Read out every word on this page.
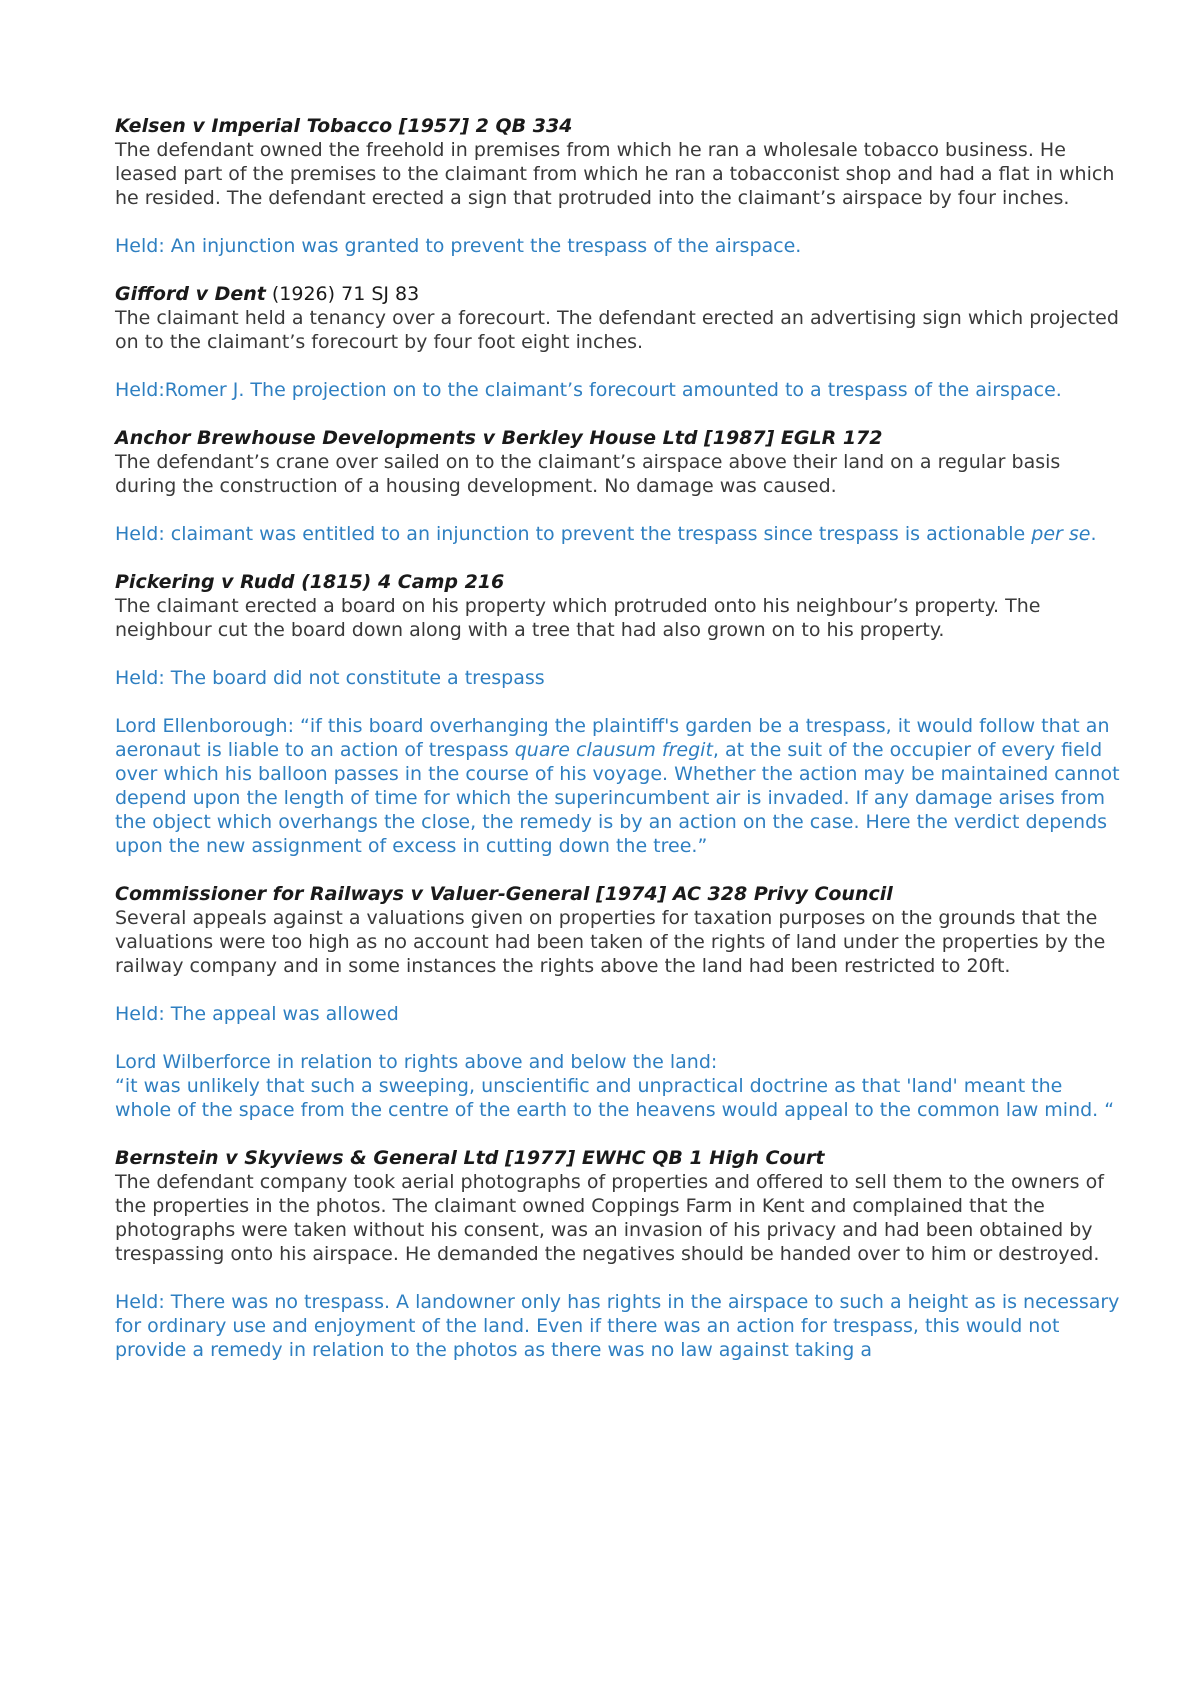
Kelsen v Imperial Tobacco [1957] 2 QB 334

The defendant owned the freehold in premises from which he ran a wholesale tobacco business. He leased part of the premises to the claimant from which he ran a tobacconist shop and had a flat in which he resided. The defendant erected a sign that protruded into the claimant’s airspace by four inches.

Held: An injunction was granted to prevent the trespass of the airspace.

Gifford v Dent (1926) 71 SJ 83

The claimant held a tenancy over a forecourt. The defendant erected an advertising sign which projected on to the claimant’s forecourt by four foot eight inches.

Held:Romer J. The projection on to the claimant’s forecourt amounted to a trespass of the airspace.

Anchor Brewhouse Developments v Berkley House Ltd [1987] EGLR 172

The defendant’s crane over sailed on to the claimant’s airspace above their land on a regular basis during the construction of a housing development. No damage was caused.

Held: claimant was entitled to an injunction to prevent the trespass since trespass is actionable per se.

Pickering v Rudd (1815) 4 Camp 216

The claimant erected a board on his property which protruded onto his neighbour’s property. The neighbour cut the board down along with a tree that had also grown on to his property.

Held: The board did not constitute a trespass

Lord Ellenborough: “if this board overhanging the plaintiff's garden be a trespass, it would follow that an aeronaut is liable to an action of trespass quare clausum fregit, at the suit of the occupier of every field over which his balloon passes in the course of his voyage. Whether the action may be maintained cannot depend upon the length of time for which the superincumbent air is invaded. If any damage arises from the object which overhangs the close, the remedy is by an action on the case. Here the verdict depends upon the new assignment of excess in cutting down the tree.”

Commissioner for Railways v Valuer-General [1974] AC 328 Privy Council

Several appeals against a valuations given on properties for taxation purposes on the grounds that the valuations were too high as no account had been taken of the rights of land under the properties by the railway company and in some instances the rights above the land had been restricted to 20ft.

Held: The appeal was allowed

Lord Wilberforce in relation to rights above and below the land:

“it was unlikely that such a sweeping, unscientific and unpractical doctrine as that 'land' meant the whole of the space from the centre of the earth to the heavens would appeal to the common law mind. “

Bernstein v Skyviews & General Ltd [1977] EWHC QB 1 High Court

The defendant company took aerial photographs of properties and offered to sell them to the owners of the properties in the photos. The claimant owned Coppings Farm in Kent and complained that the photographs were taken without his consent, was an invasion of his privacy and had been obtained by trespassing onto his airspace. He demanded the negatives should be handed over to him or destroyed.

Held: There was no trespass. A landowner only has rights in the airspace to such a height as is necessary for ordinary use and enjoyment of the land. Even if there was an action for trespass, this would not provide a remedy in relation to the photos as there was no law against taking a
